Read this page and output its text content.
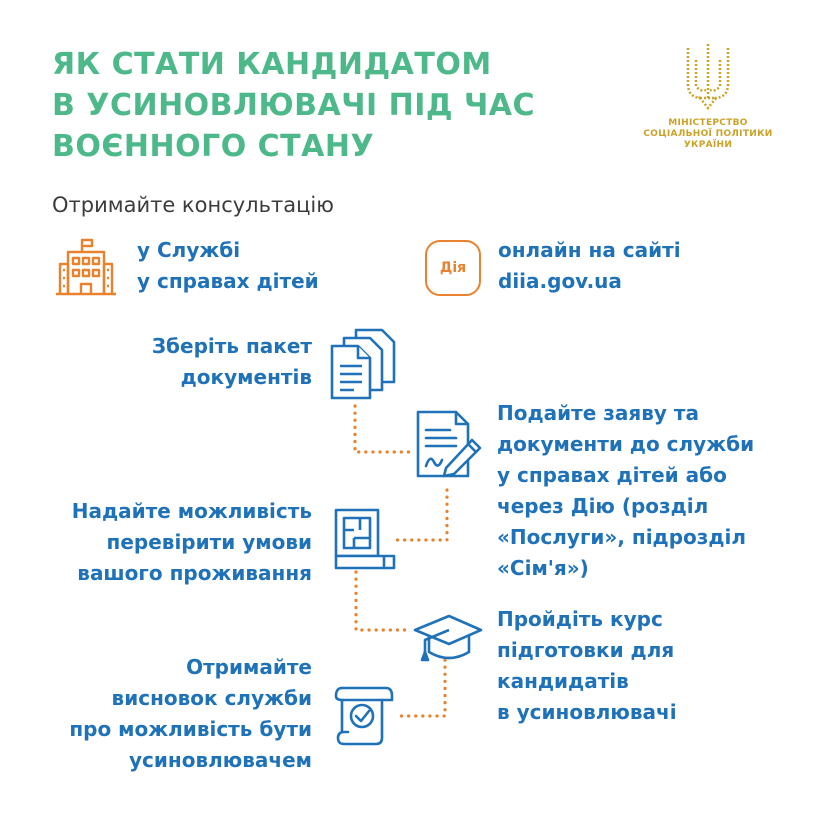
ЯК СТАТИ КАНДИДАТОМ
В УСИНОВЛЮВАЧІ ПІД ЧАС
ВОЄННОГО СТАНУ
МІНІСТЕРСТВО
СОЦІАЛЬНОЇ ПОЛІТИКИ
УКРАЇНИ
Отримайте консультацію
у Службі
у справах дітей
Дія
онлайн на сайті
diia.gov.ua
Зберіть пакет
документів
Подайте заяву та
документи до служби
у справах дітей або
через Дію (розділ
«Послуги», підрозділ
«Сім'я»)
Надайте можливість
перевірити умови
вашого проживання
Пройдіть курс
підготовки для
кандидатів
в усиновлювачі
Отримайте
висновок служби
про можливість бути
усиновлювачем
